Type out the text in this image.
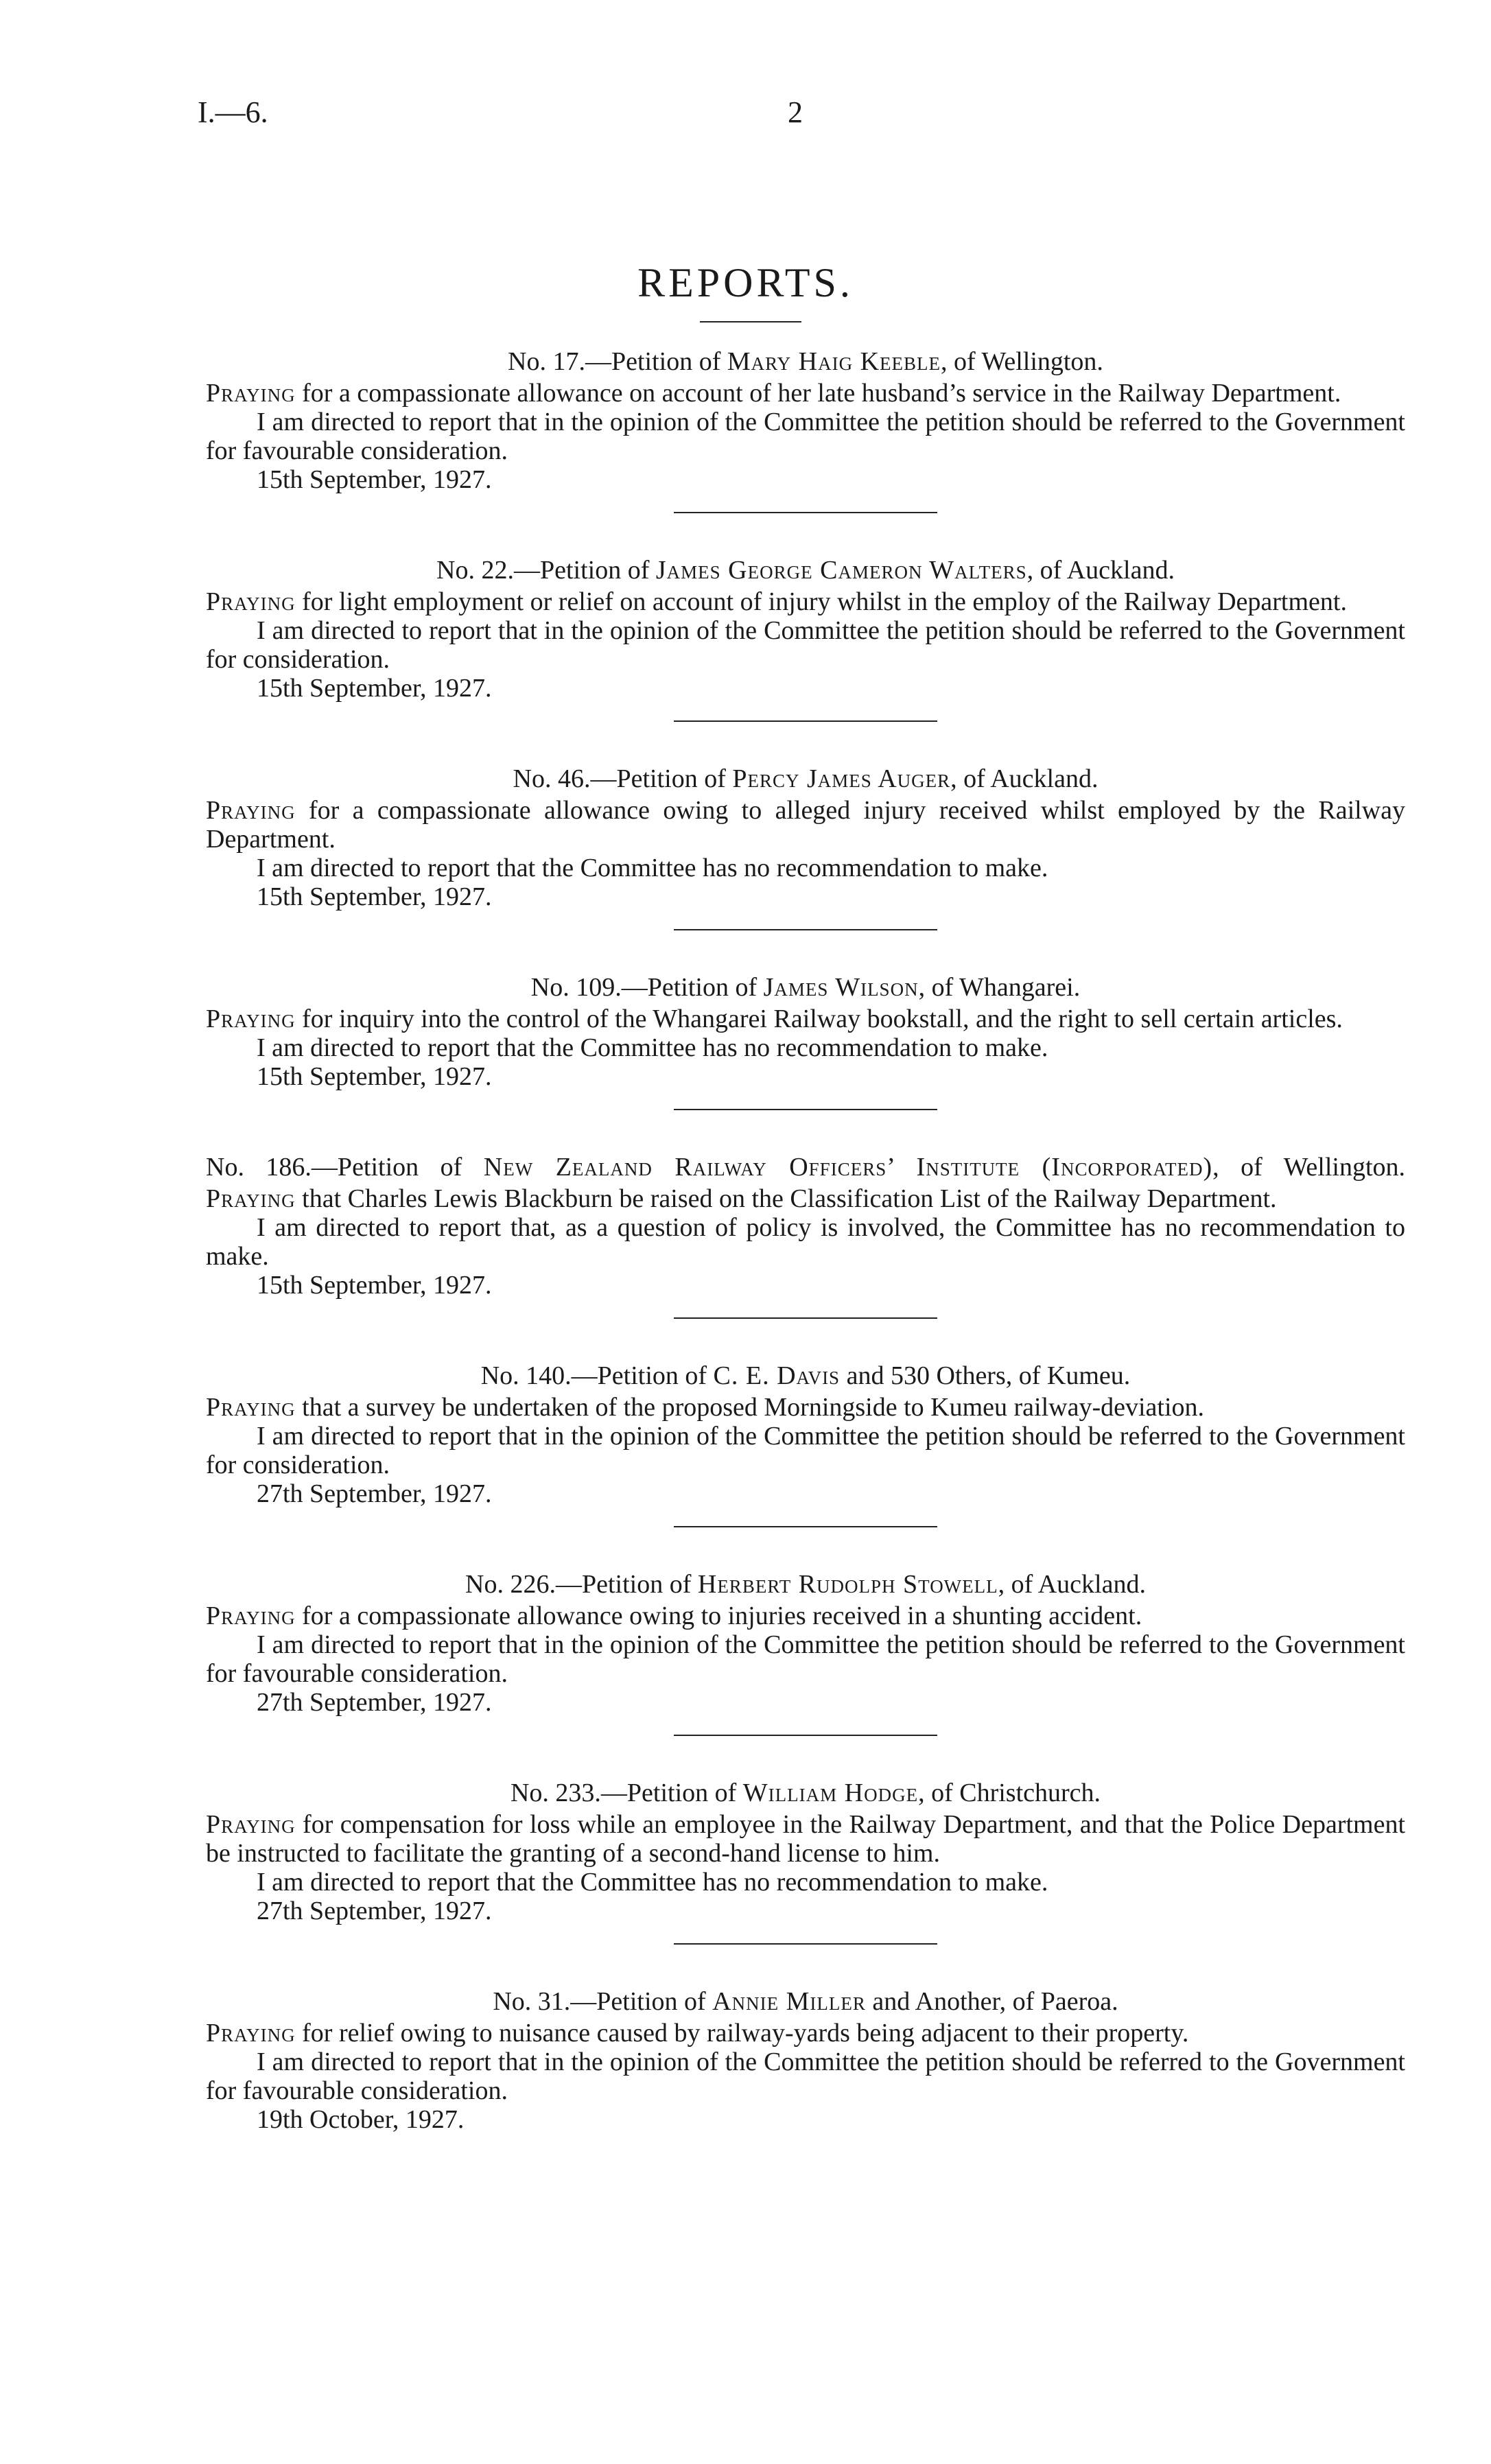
I.—6.	2
REPORTS.
No. 17.—Petition of Mary Haig Keeble, of Wellington.

Praying for a compassionate allowance on account of her late husband’s service in the Railway Department.

I am directed to report that in the opinion of the Committee the petition should be referred to the Government for favourable consideration.

15th September, 1927.

No. 22.—Petition of James George Cameron Walters, of Auckland.

Praying for light employment or relief on account of injury whilst in the employ of the Railway Department.

I am directed to report that in the opinion of the Committee the petition should be referred to the Government for consideration.

15th September, 1927.

No. 46.—Petition of Percy James Auger, of Auckland.

Praying for a compassionate allowance owing to alleged injury received whilst employed by the Railway Department.

I am directed to report that the Committee has no recommendation to make.

15th September, 1927.

No. 109.—Petition of James Wilson, of Whangarei.

Praying for inquiry into the control of the Whangarei Railway bookstall, and the right to sell certain articles.

I am directed to report that the Committee has no recommendation to make.

15th September, 1927.

No. 186.—Petition of New Zealand Railway Officers’ Institute (Incorporated), of Wellington.

Praying that Charles Lewis Blackburn be raised on the Classification List of the Railway Department.

I am directed to report that, as a question of policy is involved, the Committee has no recommendation to make.

15th September, 1927.

No. 140.—Petition of C. E. Davis and 530 Others, of Kumeu.

Praying that a survey be undertaken of the proposed Morningside to Kumeu railway-deviation.

I am directed to report that in the opinion of the Committee the petition should be referred to the Government for consideration.

27th September, 1927.

No. 226.—Petition of Herbert Rudolph Stowell, of Auckland.

Praying for a compassionate allowance owing to injuries received in a shunting accident.

I am directed to report that in the opinion of the Committee the petition should be referred to the Government for favourable consideration.

27th September, 1927.

No. 233.—Petition of William Hodge, of Christchurch.

Praying for compensation for loss while an employee in the Railway Department, and that the Police Department be instructed to facilitate the granting of a second-hand license to him.

I am directed to report that the Committee has no recommendation to make.

27th September, 1927.

No. 31.—Petition of Annie Miller and Another, of Paeroa.

Praying for relief owing to nuisance caused by railway-yards being adjacent to their property.

I am directed to report that in the opinion of the Committee the petition should be referred to the Government for favourable consideration.

19th October, 1927.
